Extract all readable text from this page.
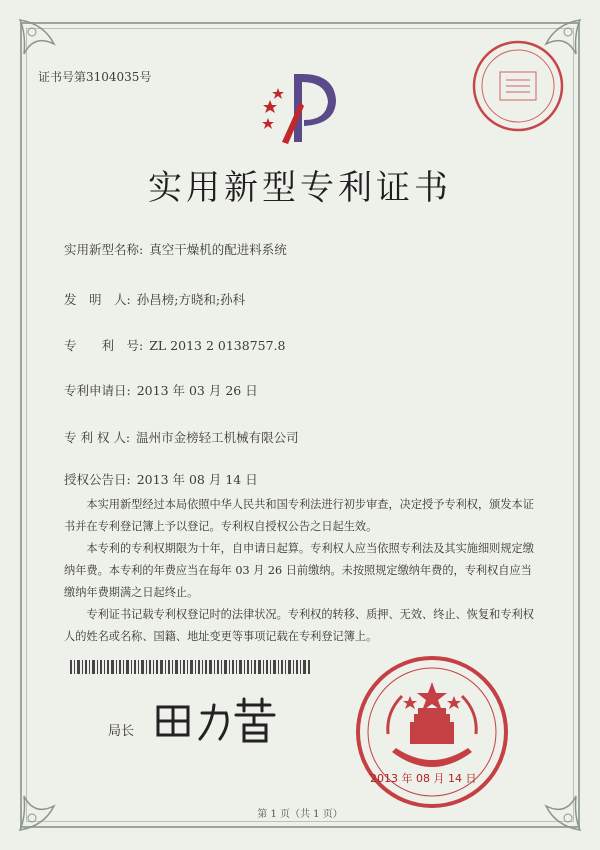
证书号第3104035号
实用新型专利证书
实用新型名称: 真空干燥机的配进料系统
发　明　人: 孙昌榜;方晓和;孙科
专　　利　号: ZL 2013 2 0138757.8
专利申请日: 2013 年 03 月 26 日
专 利 权 人: 温州市金榜轻工机械有限公司
授权公告日: 2013 年 08 月 14 日

本实用新型经过本局依照中华人民共和国专利法进行初步审查，决定授予专利权，颁发本证书并在专利登记簿上予以登记。专利权自授权公告之日起生效。

本专利的专利权期限为十年，自申请日起算。专利权人应当依照专利法及其实施细则规定缴纳年费。本专利的年费应当在每年 03 月 26 日前缴纳。未按照规定缴纳年费的，专利权自应当缴纳年费期满之日起终止。

专利证书记载专利权登记时的法律状况。专利权的转移、质押、无效、终止、恢复和专利权人的姓名或名称、国籍、地址变更等事项记载在专利登记簿上。

局长
2013 年 08 月 14 日
第 1 页（共 1 页）
